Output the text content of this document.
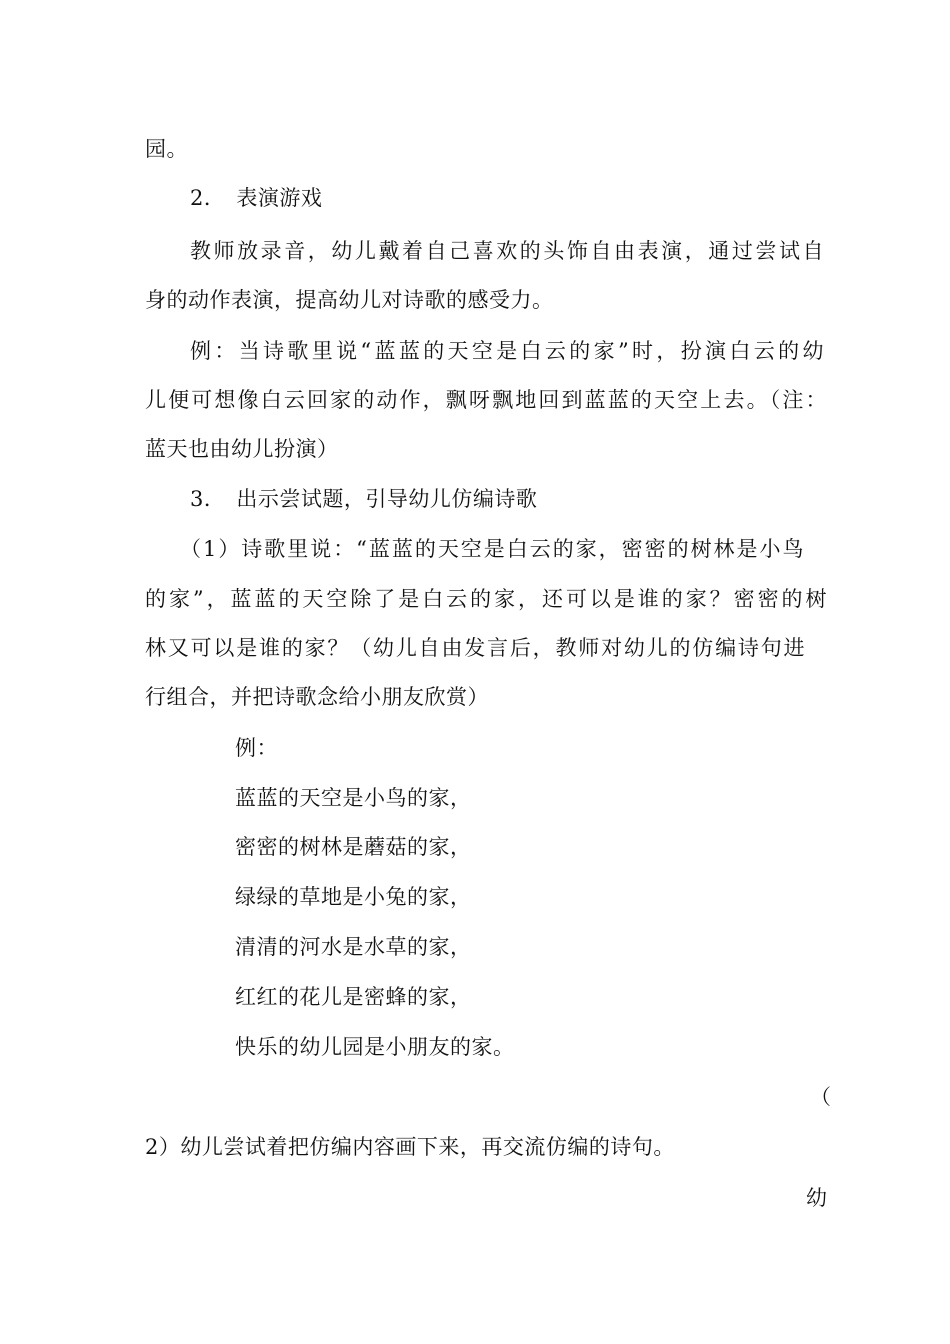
园。
2．　表演游戏
教师放录音，幼儿戴着自己喜欢的头饰自由表演，通过尝试自
身的动作表演，提高幼儿对诗歌的感受力。
例：当诗歌里说“蓝蓝的天空是白云的家”时，扮演白云的幼
儿便可想像白云回家的动作，飘呀飘地回到蓝蓝的天空上去。（注：
蓝天也由幼儿扮演）
3．　出示尝试题，引导幼儿仿编诗歌
（1）诗歌里说：“蓝蓝的天空是白云的家，密密的树林是小鸟
的家”，蓝蓝的天空除了是白云的家，还可以是谁的家？密密的树
林又可以是谁的家？（幼儿自由发言后，教师对幼儿的仿编诗句进
行组合，并把诗歌念给小朋友欣赏）
例：
蓝蓝的天空是小鸟的家，
密密的树林是蘑菇的家，
绿绿的草地是小兔的家，
清清的河水是水草的家，
红红的花儿是密蜂的家，
快乐的幼儿园是小朋友的家。
（
2）幼儿尝试着把仿编内容画下来，再交流仿编的诗句。
幼
